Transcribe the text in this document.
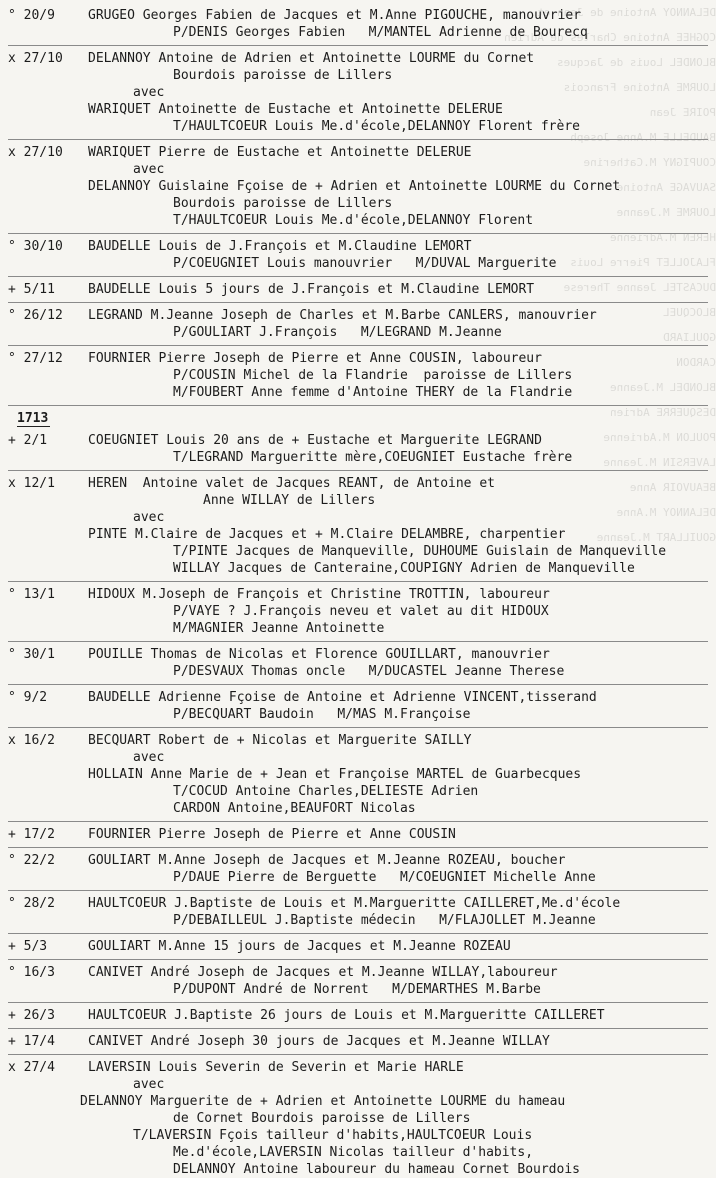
DELANNOY Antoine de Jean et
COGHEE Antoine Charles de Adrien
BLONDEL Louis de Jacques
LOURME Antoine Francois
POIRE Jean
BAUDELLE M.Anne Joseph
COUPIGNY M.Catherine
SAUVAGE Antoine
LOURME M.Jeanne
HEREN M.Adrienne
FLAJOLLET Pierre Louis
DUCASTEL Jeanne Therese
BLOCQUEL
GOULIARD
CARDON
BLONDEL M.Jeanne
DESQUERRE Adrien
POULON M.Adrienne
LAVERSIN M.Jeanne
BEAUVOIR Anne
DELANNOY M.Anne
GOUILLART M.Jeanne
° 20/9	GRUGEO Georges Fabien de Jacques et M.Anne PIGOUCHE, manouvrier
P/DENIS Georges Fabien   M/MANTEL Adrienne de Bourecq
x 27/10	DELANNOY Antoine de Adrien et Antoinette LOURME du Cornet
Bourdois paroisse de Lillers
avec
WARIQUET Antoinette de Eustache et Antoinette DELERUE
T/HAULTCOEUR Louis Me.d'école,DELANNOY Florent frère
x 27/10	WARIQUET Pierre de Eustache et Antoinette DELERUE
avec
DELANNOY Guislaine Fçoise de + Adrien et Antoinette LOURME du Cornet
Bourdois paroisse de Lillers
T/HAULTCOEUR Louis Me.d'école,DELANNOY Florent
° 30/10	BAUDELLE Louis de J.François et M.Claudine LEMORT
P/COEUGNIET Louis manouvrier   M/DUVAL Marguerite
+ 5/11	BAUDELLE Louis 5 jours de J.François et M.Claudine LEMORT
° 26/12	LEGRAND M.Jeanne Joseph de Charles et M.Barbe CANLERS, manouvrier
P/GOULIART J.François   M/LEGRAND M.Jeanne
° 27/12	FOURNIER Pierre Joseph de Pierre et Anne COUSIN, laboureur
P/COUSIN Michel de la Flandrie  paroisse de Lillers
M/FOUBERT Anne femme d'Antoine THERY de la Flandrie
1713
+ 2/1	COEUGNIET Louis 20 ans de + Eustache et Marguerite LEGRAND
T/LEGRAND Margueritte mère,COEUGNIET Eustache frère
x 12/1	HEREN  Antoine valet de Jacques REANT, de Antoine et
Anne WILLAY de Lillers
avec
PINTE M.Claire de Jacques et + M.Claire DELAMBRE, charpentier
T/PINTE Jacques de Manqueville, DUHOUME Guislain de Manqueville
WILLAY Jacques de Canteraine,COUPIGNY Adrien de Manqueville
° 13/1	HIDOUX M.Joseph de François et Christine TROTTIN, laboureur
P/VAYE ? J.François neveu et valet au dit HIDOUX
M/MAGNIER Jeanne Antoinette
° 30/1	POUILLE Thomas de Nicolas et Florence GOUILLART, manouvrier
P/DESVAUX Thomas oncle   M/DUCASTEL Jeanne Therese
° 9/2	BAUDELLE Adrienne Fçoise de Antoine et Adrienne VINCENT,tisserand
P/BECQUART Baudoin   M/MAS M.Françoise
x 16/2	BECQUART Robert de + Nicolas et Marguerite SAILLY
avec
HOLLAIN Anne Marie de + Jean et Françoise MARTEL de Guarbecques
T/COCUD Antoine Charles,DELIESTE Adrien
CARDON Antoine,BEAUFORT Nicolas
+ 17/2	FOURNIER Pierre Joseph de Pierre et Anne COUSIN
° 22/2	GOULIART M.Anne Joseph de Jacques et M.Jeanne ROZEAU, boucher
P/DAUE Pierre de Berguette   M/COEUGNIET Michelle Anne
° 28/2	HAULTCOEUR J.Baptiste de Louis et M.Margueritte CAILLERET,Me.d'école
P/DEBAILLEUL J.Baptiste médecin   M/FLAJOLLET M.Jeanne
+ 5/3	GOULIART M.Anne 15 jours de Jacques et M.Jeanne ROZEAU
° 16/3	CANIVET André Joseph de Jacques et M.Jeanne WILLAY,laboureur
P/DUPONT André de Norrent   M/DEMARTHES M.Barbe
+ 26/3	HAULTCOEUR J.Baptiste 26 jours de Louis et M.Margueritte CAILLERET
+ 17/4	CANIVET André Joseph 30 jours de Jacques et M.Jeanne WILLAY
x 27/4	LAVERSIN Louis Severin de Severin et Marie HARLE
avec
DELANNOY Marguerite de + Adrien et Antoinette LOURME du hameau
de Cornet Bourdois paroisse de Lillers
T/LAVERSIN Fçois tailleur d'habits,HAULTCOEUR Louis
Me.d'école,LAVERSIN Nicolas tailleur d'habits,
DELANNOY Antoine laboureur du hameau Cornet Bourdois
